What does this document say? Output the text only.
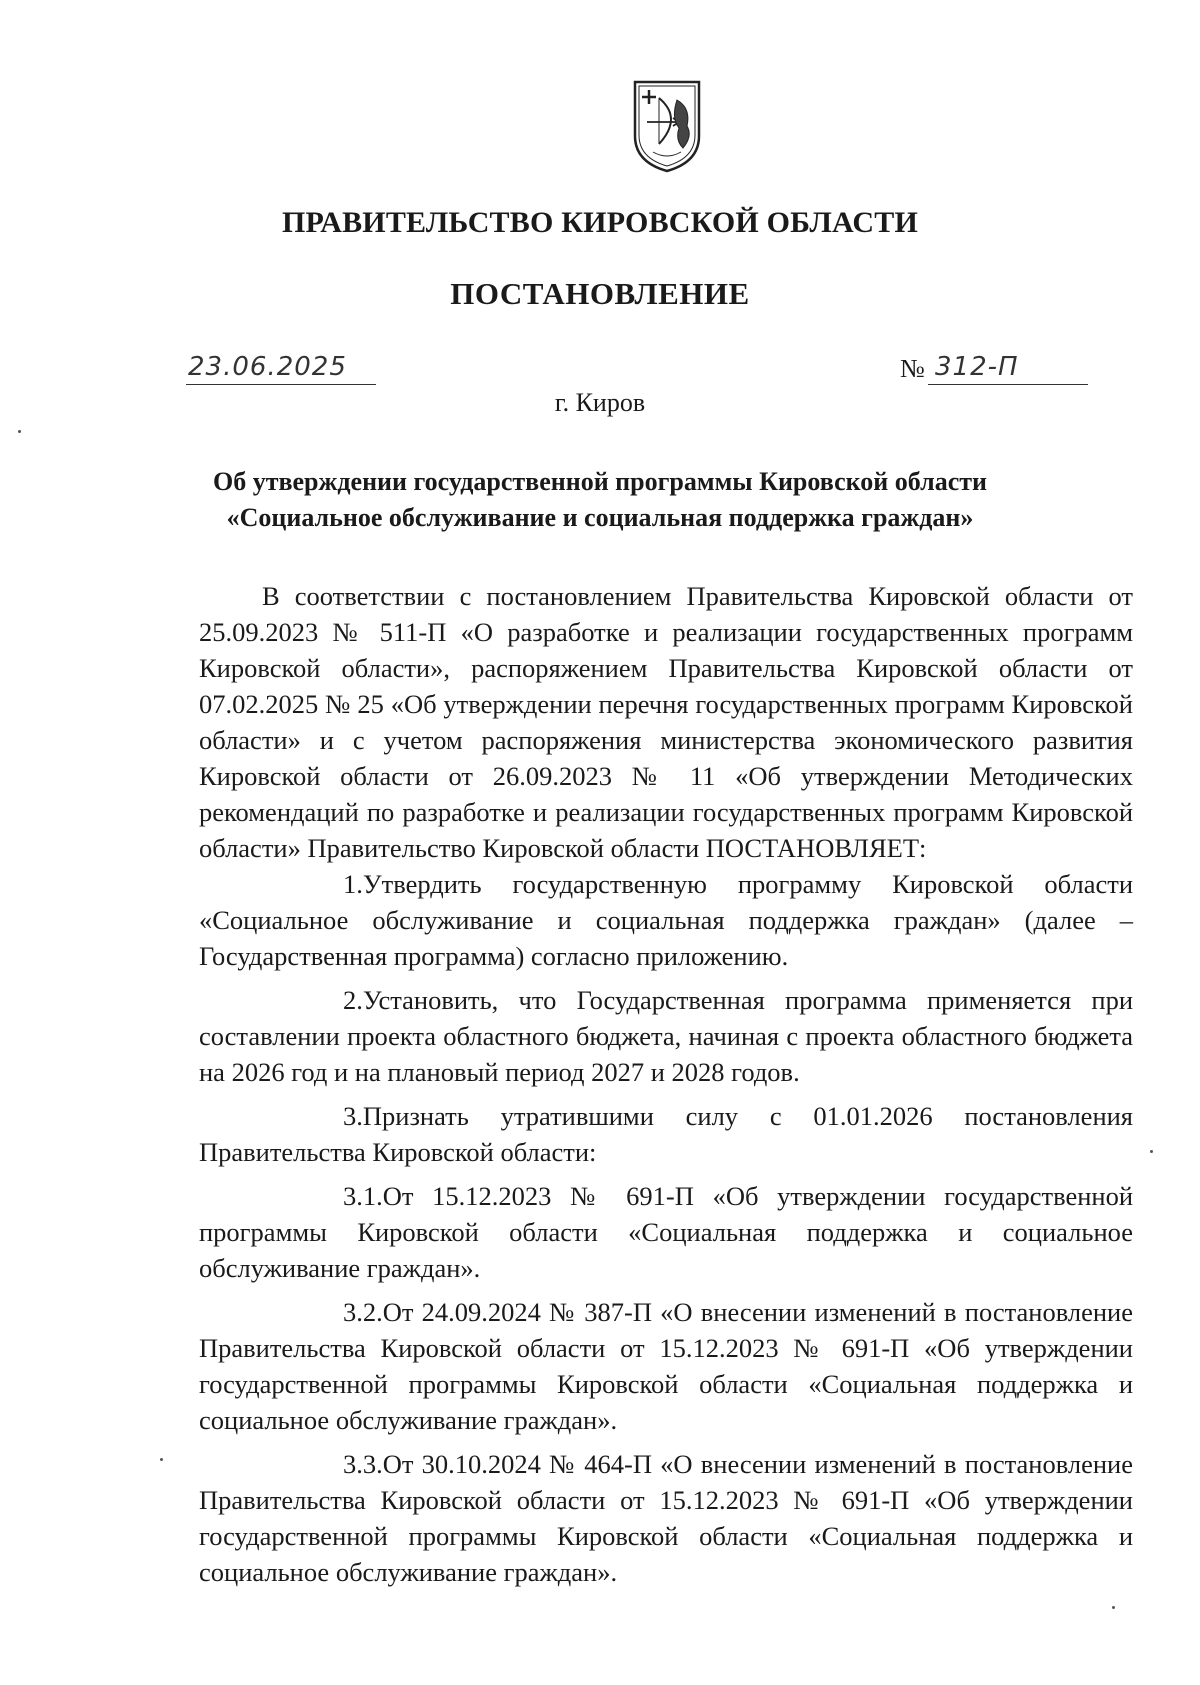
ПРАВИТЕЛЬСТВО КИРОВСКОЙ ОБЛАСТИ
ПОСТАНОВЛЕНИЕ
23.06.2025	№ 312-П
г. Киров
Об утверждении государственной программы Кировской области
«Социальное обслуживание и социальная поддержка граждан»

В соответствии с постановлением Правительства Кировской области от 25.09.2023 № 511-П «О разработке и реализации государственных программ Кировской области», распоряжением Правительства Кировской области от 07.02.2025 № 25 «Об утверждении перечня государственных программ Кировской области» и с учетом распоряжения министерства экономического развития Кировской области от 26.09.2023 № 11 «Об утверждении Методических рекомендаций по разработке и реализации государственных программ Кировской области» Правительство Кировской области ПОСТАНОВЛЯЕТ:

1.Утвердить государственную программу Кировской области «Социальное обслуживание и социальная поддержка граждан» (далее – Государственная программа) согласно приложению.

2.Установить, что Государственная программа применяется при составлении проекта областного бюджета, начиная с проекта областного бюджета на 2026 год и на плановый период 2027 и 2028 годов.

3.Признать утратившими силу с 01.01.2026 постановления Правительства Кировской области:

3.1.От 15.12.2023 № 691-П «Об утверждении государственной программы Кировской области «Социальная поддержка и социальное обслуживание граждан».

3.2.От 24.09.2024 № 387-П «О внесении изменений в постановление Правительства Кировской области от 15.12.2023 № 691-П «Об утверждении государственной программы Кировской области «Социальная поддержка и социальное обслуживание граждан».

3.3.От 30.10.2024 № 464-П «О внесении изменений в постановление Правительства Кировской области от 15.12.2023 № 691-П «Об утверждении государственной программы Кировской области «Социальная поддержка и социальное обслуживание граждан».
